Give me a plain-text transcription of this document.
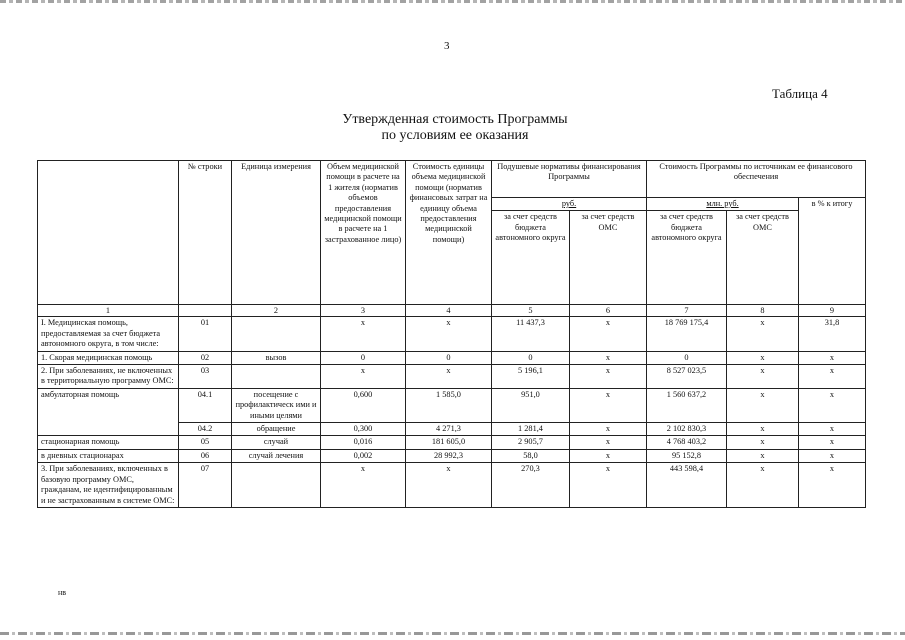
3
Таблица 4
Утвержденная стоимость Программы
по условиям ее оказания
	№ строки	Единица измерения	Объем медицинской помощи в расчете на 1 жителя (норматив объемов предоставления медицинской помощи в расчете на 1 застрахованное лицо)	Стоимость единицы объема медицинской помощи (норматив финансовых затрат на единицу объема предоставления медицинской помощи)	Подушевые нормативы финансирования Программы		Стоимость Программы по источникам ее финансового обеспечения		
					руб.		млн. руб.		в % к итогу
					за счет средств бюджета автономного округа	за счет средств ОМС	за счет средств бюджета автономного округа	за счет средств ОМС	
1		2	3	4	5	6	7	8	9
I. Медицинская помощь, предоставляемая за счет бюджета автономного округа, в том числе:	01		х	х	11 437,3	х	18 769 175,4	х	31,8
1. Скорая медицинская помощь	02	вызов	0	0	0	х	0	х	х
2. При заболеваниях, не включенных в территориальную программу ОМС:	03		х	х	5 196,1	х	8 527 023,5	х	х
амбулаторная помощь	04.1	посещение с профилактическ ими и иными целями	0,600	1 585,0	951,0	х	1 560 637,2	х	х
	04.2	обращение	0,300	4 271,3	1 281,4	х	2 102 830,3	х	х
стационарная помощь	05	случай	0,016	181 605,0	2 905,7	х	4 768 403,2	х	х
в дневных стационарах	06	случай лечения	0,002	28 992,3	58,0	х	95 152,8	х	х
3. При заболеваниях, включенных в базовую программу ОМС, гражданам, не идентифицированным и не застрахованным в системе ОМС:	07		х	х	270,3	х	443 598,4	х	х
нв
